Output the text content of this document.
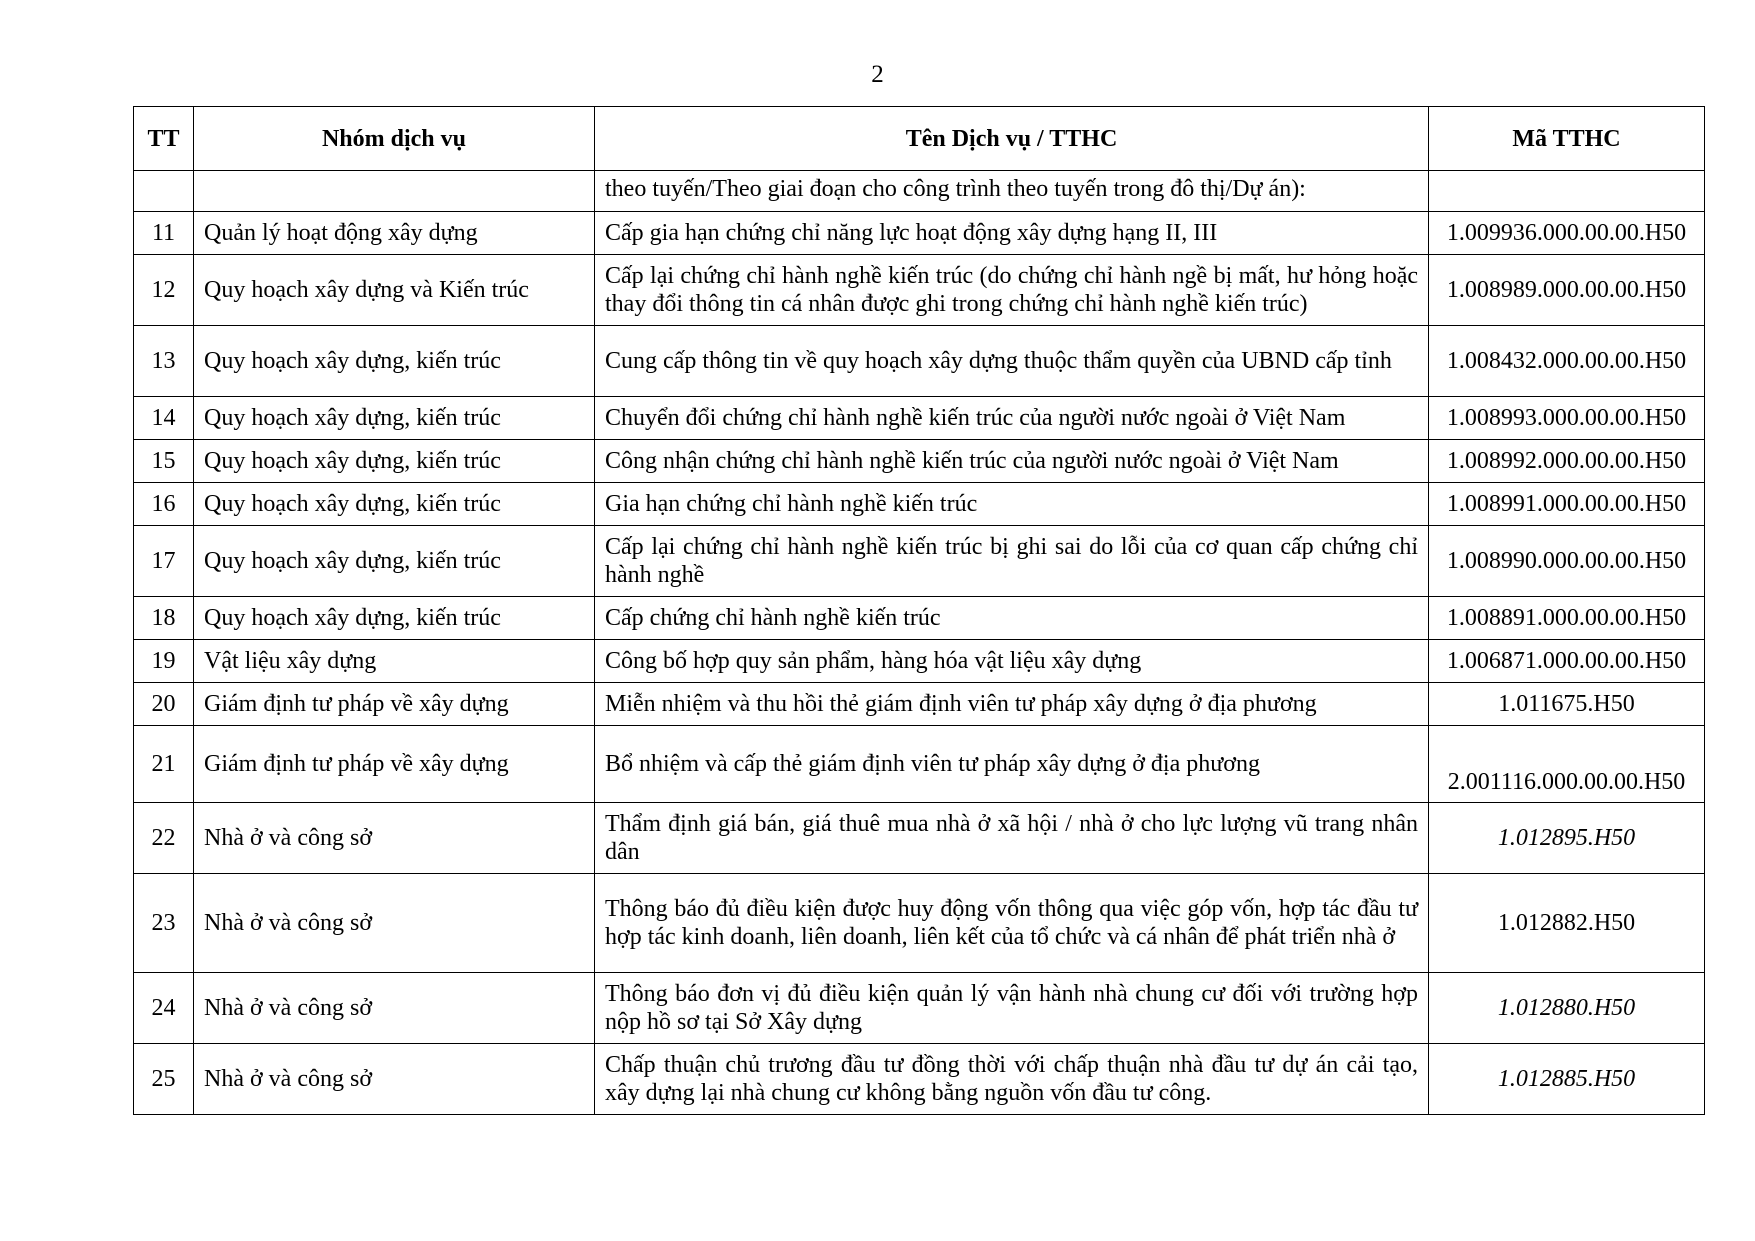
2
TT	Nhóm dịch vụ	Tên Dịch vụ / TTHC	Mã TTHC
		theo tuyến/Theo giai đoạn cho công trình theo tuyến trong đô thị/Dự án):	
11	Quản lý hoạt động xây dựng	Cấp gia hạn chứng chỉ năng lực hoạt động xây dựng hạng II, III	1.009936.000.00.00.H50
12	Quy hoạch xây dựng và Kiến trúc	Cấp lại chứng chỉ hành nghề kiến trúc (do chứng chỉ hành ngề bị mất, hư hỏng hoặc thay đổi thông tin cá nhân được ghi trong chứng chỉ hành nghề kiến trúc)	1.008989.000.00.00.H50
13	Quy hoạch xây dựng, kiến trúc	Cung cấp thông tin về quy hoạch xây dựng thuộc thẩm quyền của UBND cấp tỉnh	1.008432.000.00.00.H50
14	Quy hoạch xây dựng, kiến trúc	Chuyển đổi chứng chỉ hành nghề kiến trúc của người nước ngoài ở Việt Nam	1.008993.000.00.00.H50
15	Quy hoạch xây dựng, kiến trúc	Công nhận chứng chỉ hành nghề kiến trúc của người nước ngoài ở Việt Nam	1.008992.000.00.00.H50
16	Quy hoạch xây dựng, kiến trúc	Gia hạn chứng chỉ hành nghề kiến trúc	1.008991.000.00.00.H50
17	Quy hoạch xây dựng, kiến trúc	Cấp lại chứng chỉ hành nghề kiến trúc bị ghi sai do lỗi của cơ quan cấp chứng chỉ hành nghề	1.008990.000.00.00.H50
18	Quy hoạch xây dựng, kiến trúc	Cấp chứng chỉ hành nghề kiến trúc	1.008891.000.00.00.H50
19	Vật liệu xây dựng	Công bố hợp quy sản phẩm, hàng hóa vật liệu xây dựng	1.006871.000.00.00.H50
20	Giám định tư pháp về xây dựng	Miễn nhiệm và thu hồi thẻ giám định viên tư pháp xây dựng ở địa phương	1.011675.H50
21	Giám định tư pháp về xây dựng	Bổ nhiệm và cấp thẻ giám định viên tư pháp xây dựng ở địa phương	2.001116.000.00.00.H50
22	Nhà ở và công sở	Thẩm định giá bán, giá thuê mua nhà ở xã hội / nhà ở cho lực lượng vũ trang nhân dân	1.012895.H50
23	Nhà ở và công sở	Thông báo đủ điều kiện được huy động vốn thông qua việc góp vốn, hợp tác đầu tư hợp tác kinh doanh, liên doanh, liên kết của tổ chức và cá nhân để phát triển nhà ở	1.012882.H50
24	Nhà ở và công sở	Thông báo đơn vị đủ điều kiện quản lý vận hành nhà chung cư đối với trường hợp nộp hồ sơ tại Sở Xây dựng	1.012880.H50
25	Nhà ở và công sở	Chấp thuận chủ trương đầu tư đồng thời với chấp thuận nhà đầu tư dự án cải tạo, xây dựng lại nhà chung cư không bằng nguồn vốn đầu tư công.	1.012885.H50
